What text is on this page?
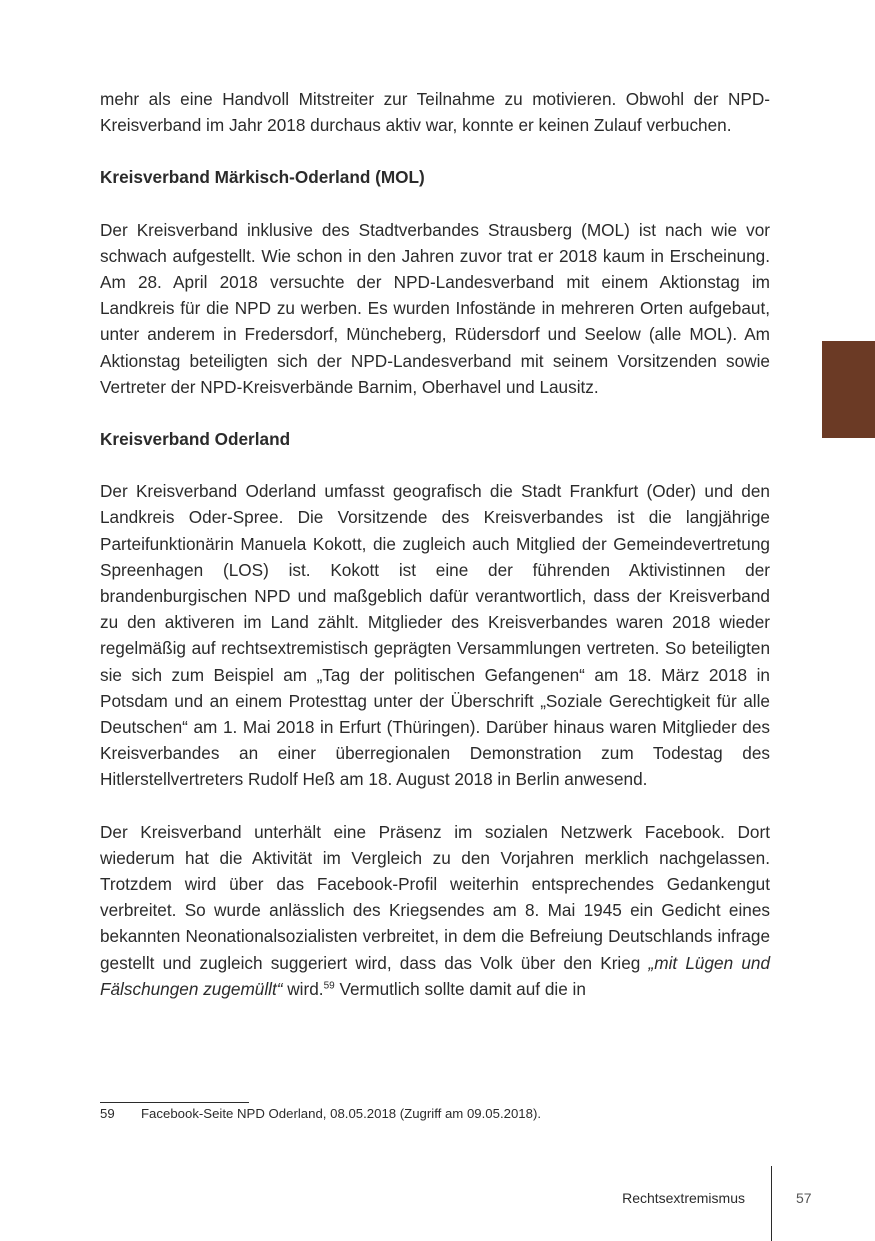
mehr als eine Handvoll Mitstreiter zur Teilnahme zu motivieren. Obwohl der NPD-Kreisverband im Jahr 2018 durchaus aktiv war, konnte er keinen Zulauf verbuchen.

Kreisverband Märkisch-Oderland (MOL)

Der Kreisverband inklusive des Stadtverbandes Strausberg (MOL) ist nach wie vor schwach aufgestellt. Wie schon in den Jahren zuvor trat er 2018 kaum in Erscheinung. Am 28. April 2018 versuchte der NPD-Landesverband mit einem Aktionstag im Landkreis für die NPD zu werben. Es wurden Infostände in mehreren Orten aufgebaut, unter anderem in Fredersdorf, Müncheberg, Rüdersdorf und Seelow (alle MOL). Am Aktionstag beteiligten sich der NPD-Landesverband mit seinem Vorsitzenden sowie Vertreter der NPD-Kreisverbände Barnim, Oberhavel und Lausitz.

Kreisverband Oderland

Der Kreisverband Oderland umfasst geografisch die Stadt Frankfurt (Oder) und den Landkreis Oder-Spree. Die Vorsitzende des Kreisverbandes ist die langjährige Parteifunktionärin Manuela Kokott, die zugleich auch Mitglied der Gemeindevertretung Spreenhagen (LOS) ist. Kokott ist eine der führenden Aktivistinnen der brandenburgischen NPD und maßgeblich dafür verantwortlich, dass der Kreisverband zu den aktiveren im Land zählt. Mitglieder des Kreisverbandes waren 2018 wieder regelmäßig auf rechtsextremistisch geprägten Versammlungen vertreten. So beteiligten sie sich zum Beispiel am „Tag der politischen Gefangenen“ am 18. März 2018 in Potsdam und an einem Protesttag unter der Überschrift „Soziale Gerechtigkeit für alle Deutschen“ am 1. Mai 2018 in Erfurt (Thüringen). Darüber hinaus waren Mitglieder des Kreisverbandes an einer überregionalen Demonstration zum Todestag des Hitlerstellvertreters Rudolf Heß am 18. August 2018 in Berlin anwesend.

Der Kreisverband unterhält eine Präsenz im sozialen Netzwerk Facebook. Dort wiederum hat die Aktivität im Vergleich zu den Vorjahren merklich nachgelassen. Trotzdem wird über das Facebook-Profil weiterhin entsprechendes Gedankengut verbreitet. So wurde anlässlich des Kriegsendes am 8. Mai 1945 ein Gedicht eines bekannten Neonationalsozialisten verbreitet, in dem die Befreiung Deutschlands infrage gestellt und zugleich suggeriert wird, dass das Volk über den Krieg „mit Lügen und Fälschungen zugemüllt“ wird.$^{59}$ Vermutlich sollte damit auf die in

59	Facebook-Seite NPD Oderland, 08.05.2018 (Zugriff am 09.05.2018).
Rechtsextremismus	57
